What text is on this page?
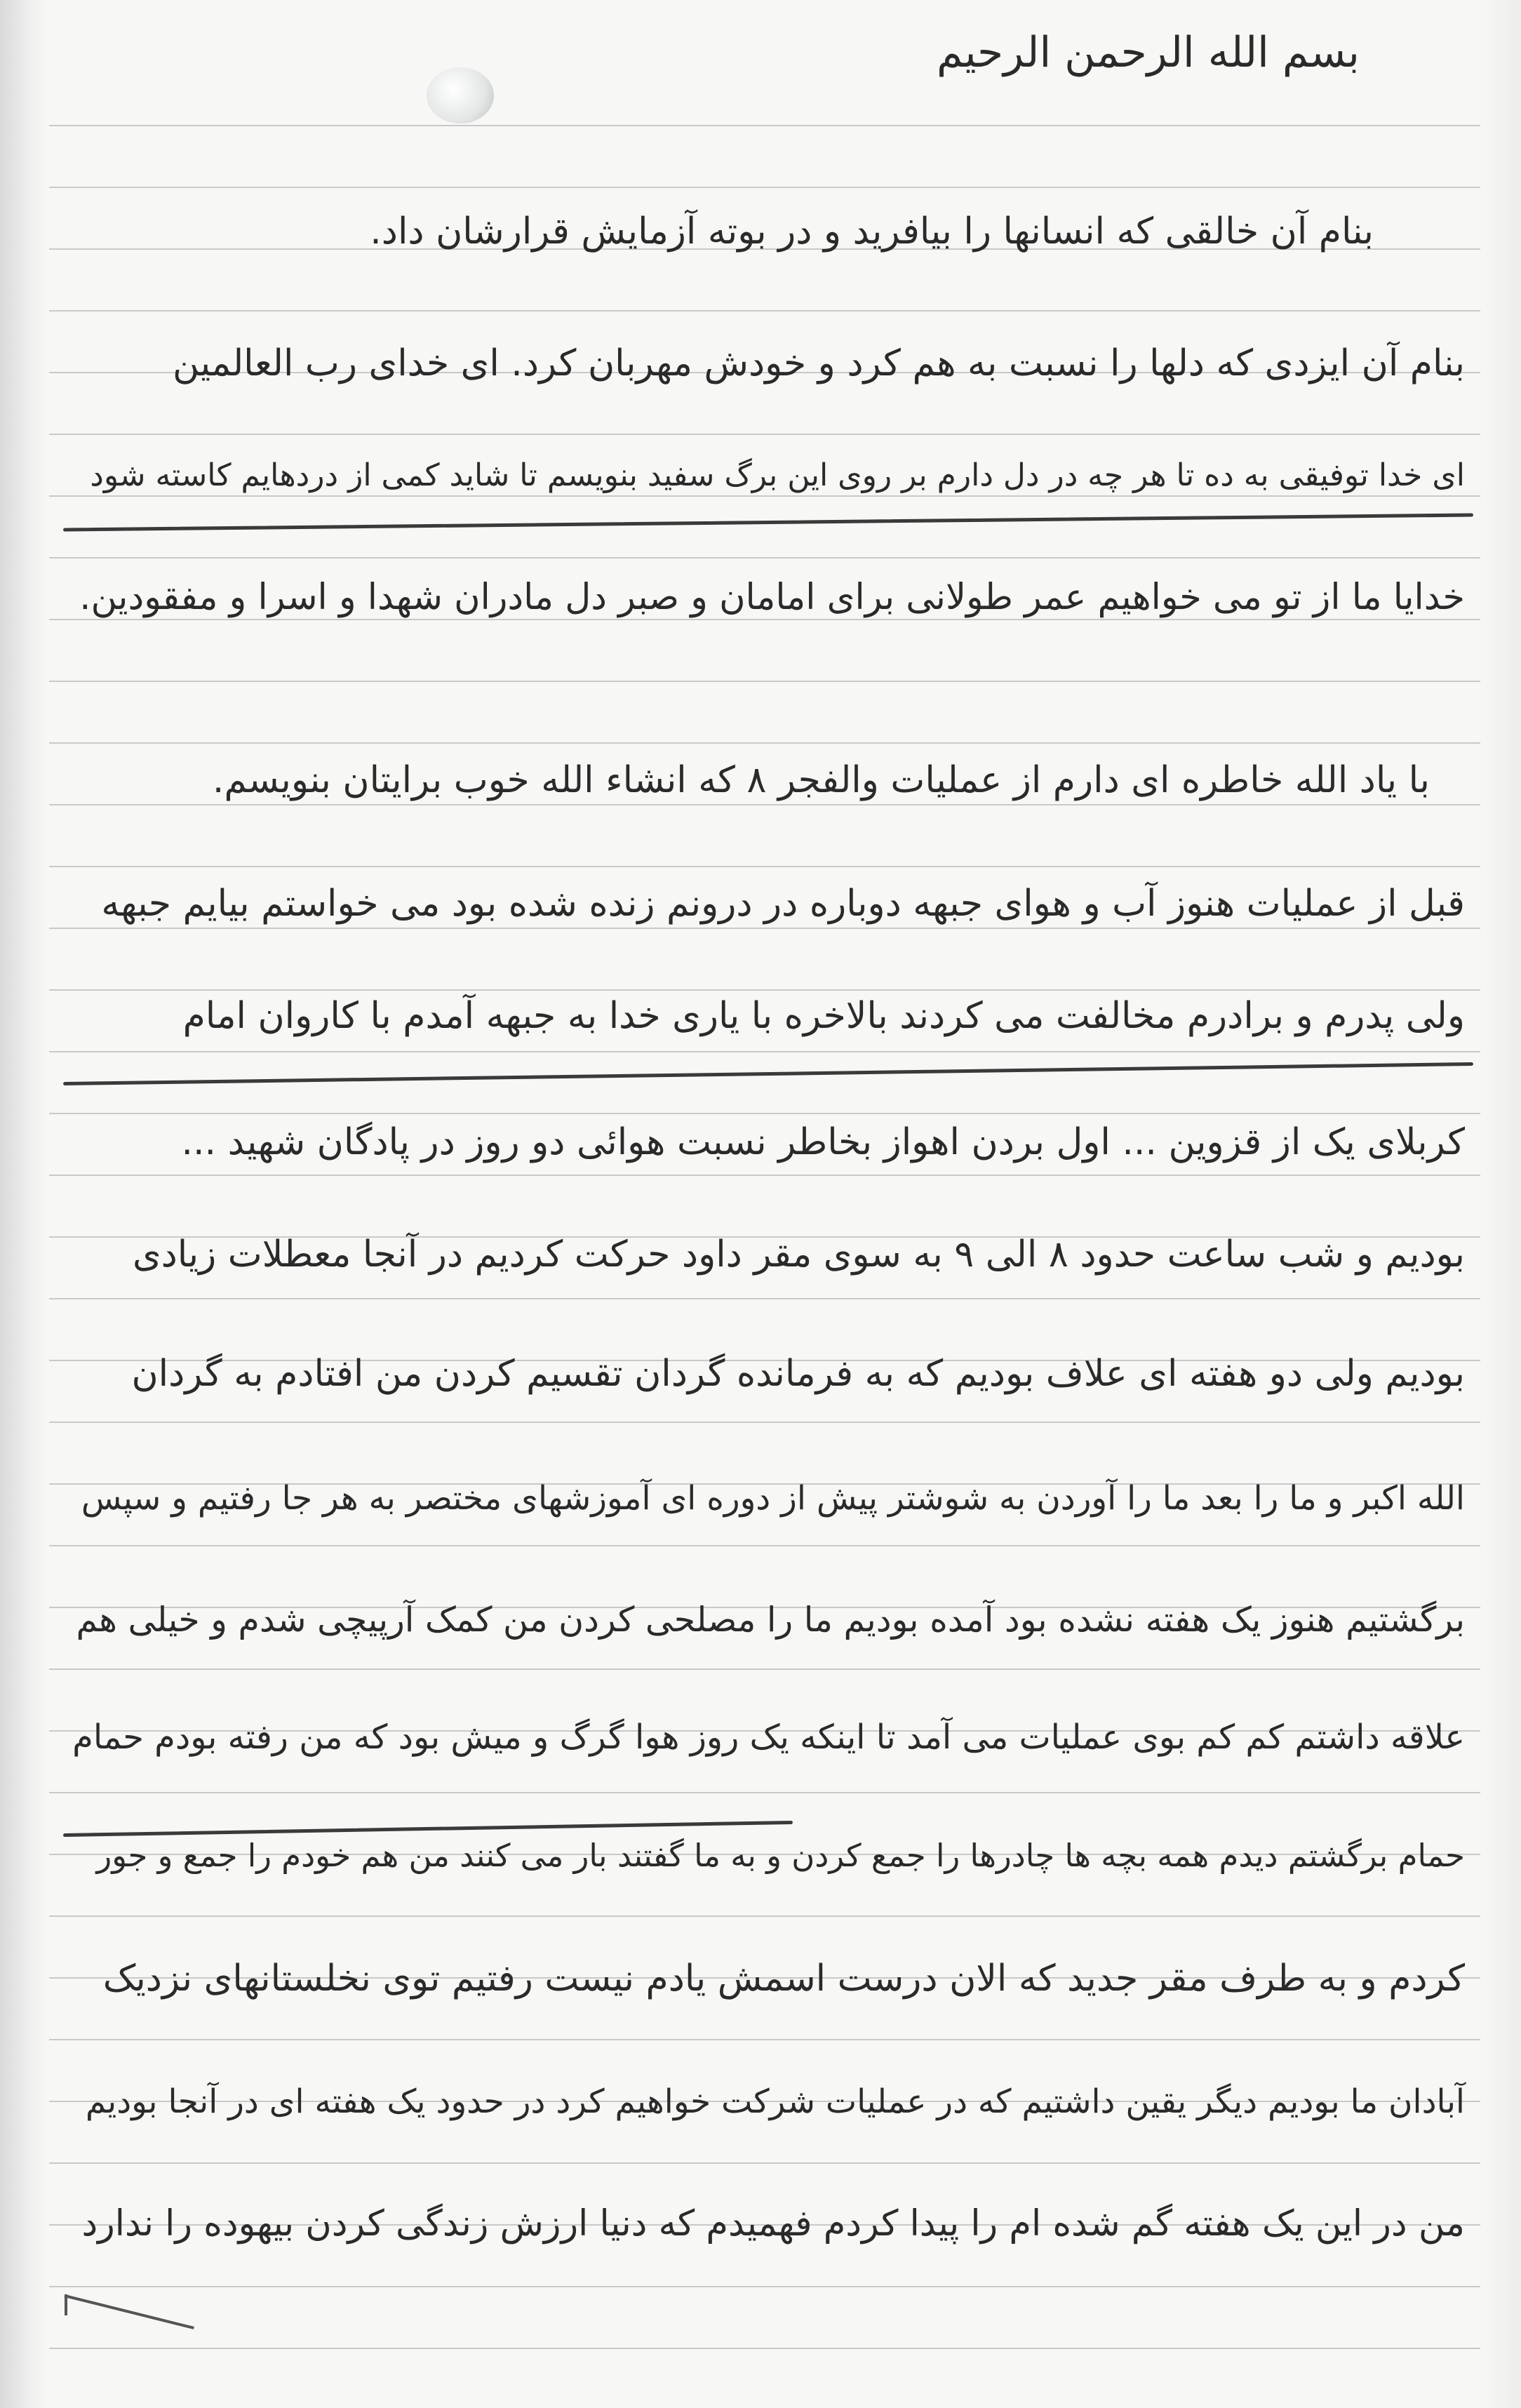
بسم الله الرحمن الرحیم
بنام آن خالقی که انسانها را بیافرید و در بوته آزمایش قرارشان داد.
بنام آن ایزدی که دلها را نسبت به هم کرد و خودش مهربان کرد. ای خدای رب العالمین
ای خدا توفیقی به ده تا هر چه در دل دارم بر روی این برگ سفید بنویسم تا شاید کمی از دردهایم کاسته شود
خدایا ما از تو می خواهیم عمر طولانی برای امامان و صبر دل مادران شهدا و اسرا و مفقودین.
با یاد الله خاطره ای دارم از عملیات والفجر ۸ که انشاء الله خوب برایتان بنویسم.
قبل از عملیات هنوز آب و هوای جبهه دوباره در درونم زنده شده بود می خواستم بیایم جبهه
ولی پدرم و برادرم مخالفت می کردند بالاخره با یاری خدا به جبهه آمدم با کاروان امام
کربلای یک از قزوین ... اول بردن اهواز بخاطر نسبت هوائی دو روز در پادگان شهید ...
بودیم و شب ساعت حدود ۸ الی ۹ به سوی مقر داود حرکت کردیم در آنجا معطلات زیادی
بودیم ولی دو هفته ای علاف بودیم که به فرمانده گردان تقسیم کردن من افتادم به گردان
الله اکبر و ما را بعد ما را آوردن به شوشتر پیش از دوره ای آموزشهای مختصر به هر جا رفتیم و سپس
برگشتیم هنوز یک هفته نشده بود آمده بودیم ما را مصلحی کردن من کمک آرپیچی شدم و خیلی هم
علاقه داشتم کم کم بوی عملیات می آمد تا اینکه یک روز هوا گرگ و میش بود که من رفته بودم حمام
حمام برگشتم دیدم همه بچه ها چادرها را جمع کردن و به ما گفتند بار می کنند من هم خودم را جمع و جور
کردم و به طرف مقر جدید که الان درست اسمش یادم نیست رفتیم توی نخلستانهای نزدیک
آبادان ما بودیم دیگر یقین داشتیم که در عملیات شرکت خواهیم کرد در حدود یک هفته ای در آنجا بودیم
من در این یک هفته گم شده ام را پیدا کردم فهمیدم که دنیا ارزش زندگی کردن بیهوده را ندارد
